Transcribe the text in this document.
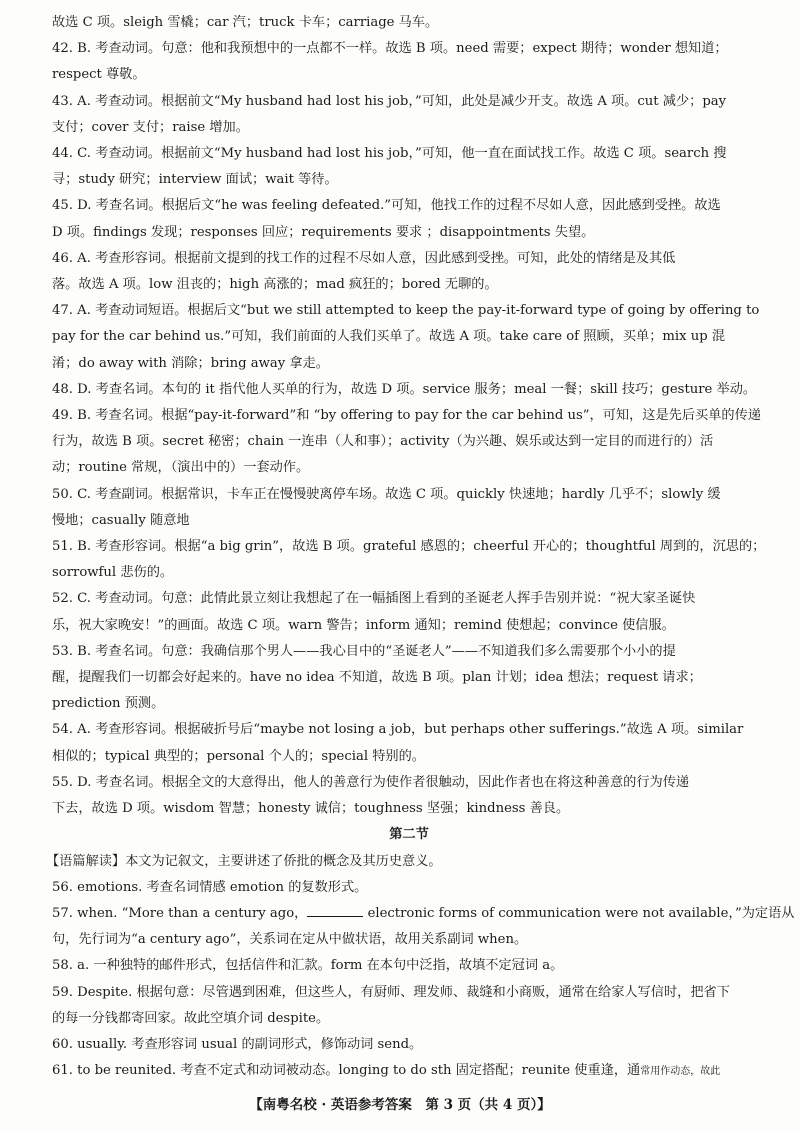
故选 C 项。sleigh 雪橇；car 汽；truck 卡车；carriage 马车。

42. B. 考查动词。句意：他和我预想中的一点都不一样。故选 B 项。need 需要；expect 期待；wonder 想知道；
respect 尊敬。

43. A. 考查动词。根据前文“My husband had lost his job，”可知，此处是减少开支。故选 A 项。cut 减少；pay
支付；cover 支付；raise 增加。

44. C. 考查动词。根据前文“My husband had lost his job，”可知，他一直在面试找工作。故选 C 项。search 搜
寻；study 研究；interview 面试；wait 等待。

45. D. 考查名词。根据后文“he was feeling defeated.”可知，他找工作的过程不尽如人意，因此感到受挫。故选
D 项。findings 发现；responses 回应；requirements 要求 ；disappointments 失望。

46. A. 考查形容词。根据前文提到的找工作的过程不尽如人意，因此感到受挫。可知，此处的情绪是及其低
落。故选 A 项。low 沮丧的；high 高涨的；mad 疯狂的；bored 无聊的。

47. A. 考查动词短语。根据后文“but we still attempted to keep the pay-it-forward type of going by offering to
pay for the car behind us.”可知，我们前面的人我们买单了。故选 A 项。take care of 照顾，买单；mix up 混
淆；do away with 消除；bring away 拿走。

48. D. 考查名词。本句的 it 指代他人买单的行为，故选 D 项。service 服务；meal 一餐；skill 技巧；gesture 举动。

49. B. 考查名词。根据“pay-it-forward”和 “by offering to pay for the car behind us”，可知，这是先后买单的传递
行为，故选 B 项。secret 秘密；chain 一连串（人和事）；activity（为兴趣、娱乐或达到一定目的而进行的）活
动；routine 常规，（演出中的）一套动作。

50. C. 考查副词。根据常识，卡车正在慢慢驶离停车场。故选 C 项。quickly 快速地；hardly 几乎不；slowly 缓
慢地；casually 随意地

51. B. 考查形容词。根据“a big grin”，故选 B 项。grateful 感恩的；cheerful 开心的；thoughtful 周到的，沉思的；
sorrowful 悲伤的。

52. C. 考查动词。句意：此情此景立刻让我想起了在一幅插图上看到的圣诞老人挥手告别并说：“祝大家圣诞快
乐，祝大家晚安！”的画面。故选 C 项。warn 警告；inform 通知；remind 使想起；convince 使信服。

53. B. 考查名词。句意：我确信那个男人——我心目中的“圣诞老人”——不知道我们多么需要那个小小的提
醒，提醒我们一切都会好起来的。have no idea 不知道，故选 B 项。plan 计划；idea 想法；request 请求；
prediction 预测。

54. A. 考查形容词。根据破折号后“maybe not losing a job，but perhaps other sufferings.”故选 A 项。similar
相似的；typical 典型的；personal 个人的；special 特别的。

55. D. 考查名词。根据全文的大意得出，他人的善意行为使作者很触动，因此作者也在将这种善意的行为传递
下去，故选 D 项。wisdom 智慧；honesty 诚信；toughness 坚强；kindness 善良。

第二节

【语篇解读】本文为记叙文，主要讲述了侨批的概念及其历史意义。

56. emotions. 考查名词情感 emotion 的复数形式。

57. when. “More than a century ago，	electronic forms of communication were not available，”为定语从
句，先行词为“a century ago”，关系词在定从中做状语，故用关系副词 when。

58. a. 一种独特的邮件形式，包括信件和汇款。form 在本句中泛指，故填不定冠词 a。

59. Despite. 根据句意：尽管遇到困难，但这些人，有厨师、理发师、裁缝和小商贩，通常在给家人写信时，把省下
的每一分钱都寄回家。故此空填介词 despite。

60. usually. 考查形容词 usual 的副词形式，修饰动词 send。

61. to be reunited. 考查不定式和动词被动态。longing to do sth 固定搭配；reunite 使重逢，通常用作动态，故此

【南粤名校 · 英语参考答案　第 3 页（共 4 页）】
